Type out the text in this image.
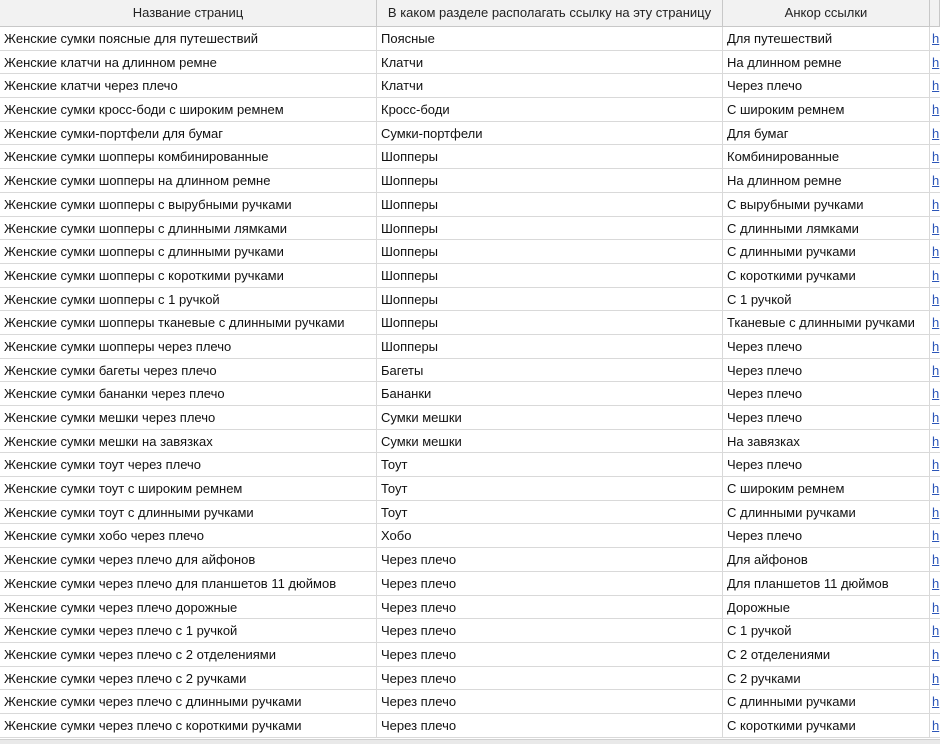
Название страниц	В каком разделе располагать ссылку на эту страницу	Анкор ссылки
Женские сумки поясные для путешествий	Поясные	Для путешествий	h
Женские клатчи на длинном ремне	Клатчи	На длинном ремне	h
Женские клатчи через плечо	Клатчи	Через плечо	h
Женские сумки кросс-боди с широким ремнем	Кросс-боди	С широким ремнем	h
Женские сумки-портфели для бумаг	Сумки-портфели	Для бумаг	h
Женские сумки шопперы комбинированные	Шопперы	Комбинированные	h
Женские сумки шопперы на длинном ремне	Шопперы	На длинном ремне	h
Женские сумки шопперы с вырубными ручками	Шопперы	С вырубными ручками	h
Женские сумки шопперы с длинными лямками	Шопперы	С длинными лямками	h
Женские сумки шопперы с длинными ручками	Шопперы	С длинными ручками	h
Женские сумки шопперы с короткими ручками	Шопперы	С короткими ручками	h
Женские сумки шопперы с 1 ручкой	Шопперы	С 1 ручкой	h
Женские сумки шопперы тканевые с длинными ручками	Шопперы	Тканевые с длинными ручками	h
Женские сумки шопперы через плечо	Шопперы	Через плечо	h
Женские сумки багеты через плечо	Багеты	Через плечо	h
Женские сумки бананки через плечо	Бананки	Через плечо	h
Женские сумки мешки через плечо	Сумки мешки	Через плечо	h
Женские сумки мешки на завязках	Сумки мешки	На завязках	h
Женские сумки тоут через плечо	Тоут	Через плечо	h
Женские сумки тоут с широким ремнем	Тоут	С широким ремнем	h
Женские сумки тоут с длинными ручками	Тоут	С длинными ручками	h
Женские сумки хобо через плечо	Хобо	Через плечо	h
Женские сумки через плечо для айфонов	Через плечо	Для айфонов	h
Женские сумки через плечо для планшетов 11 дюймов	Через плечо	Для планшетов 11 дюймов	h
Женские сумки через плечо дорожные	Через плечо	Дорожные	h
Женские сумки через плечо с 1 ручкой	Через плечо	С 1 ручкой	h
Женские сумки через плечо с 2 отделениями	Через плечо	С 2 отделениями	h
Женские сумки через плечо с 2 ручками	Через плечо	С 2 ручками	h
Женские сумки через плечо с длинными ручками	Через плечо	С длинными ручками	h
Женские сумки через плечо с короткими ручками	Через плечо	С короткими ручками	h
